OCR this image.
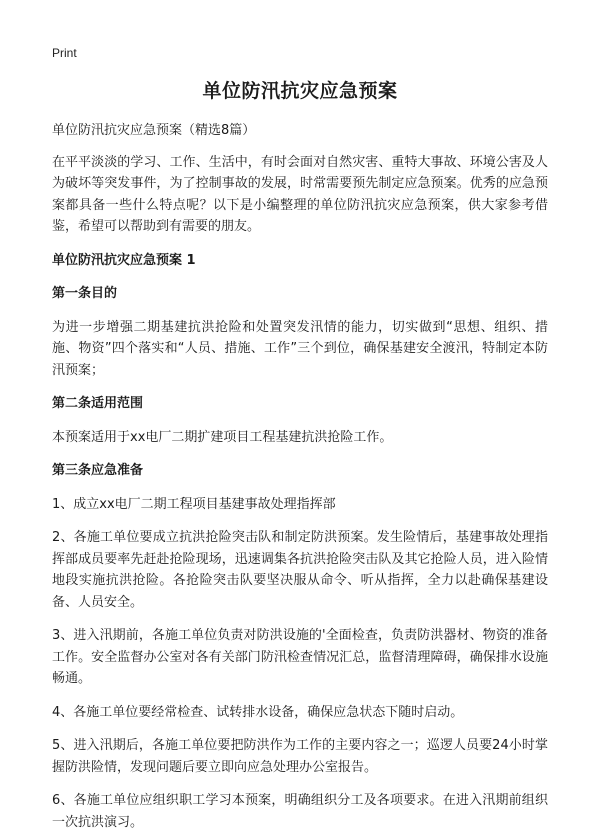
Print
单位防汛抗灾应急预案

单位防汛抗灾应急预案（精选8篇）

在平平淡淡的学习、工作、生活中，有时会面对自然灾害、重特大事故、环境公害及人为破坏等突发事件，为了控制事故的发展，时常需要预先制定应急预案。优秀的应急预案都具备一些什么特点呢？以下是小编整理的单位防汛抗灾应急预案，供大家参考借鉴，希望可以帮助到有需要的朋友。

单位防汛抗灾应急预案 1
第一条目的

为进一步增强二期基建抗洪抢险和处置突发汛情的能力，切实做到“思想、组织、措施、物资”四个落实和“人员、措施、工作”三个到位，确保基建安全渡汛，特制定本防汛预案；

第二条适用范围

本预案适用于xx电厂二期扩建项目工程基建抗洪抢险工作。

第三条应急准备

1、成立xx电厂二期工程项目基建事故处理指挥部

2、各施工单位要成立抗洪抢险突击队和制定防洪预案。发生险情后，基建事故处理指挥部成员要率先赶赴抢险现场，迅速调集各抗洪抢险突击队及其它抢险人员，进入险情地段实施抗洪抢险。各抢险突击队要坚决服从命令、听从指挥，全力以赴确保基建设备、人员安全。

3、进入汛期前，各施工单位负责对防洪设施的'全面检查，负责防洪器材、物资的准备工作。安全监督办公室对各有关部门防汛检查情况汇总，监督清理障碍，确保排水设施畅通。

4、各施工单位要经常检查、试转排水设备，确保应急状态下随时启动。

5、进入汛期后，各施工单位要把防洪作为工作的主要内容之一；巡逻人员要24小时掌握防洪险情，发现问题后要立即向应急处理办公室报告。

6、各施工单位应组织职工学习本预案，明确组织分工及各项要求。在进入汛期前组织一次抗洪演习。
